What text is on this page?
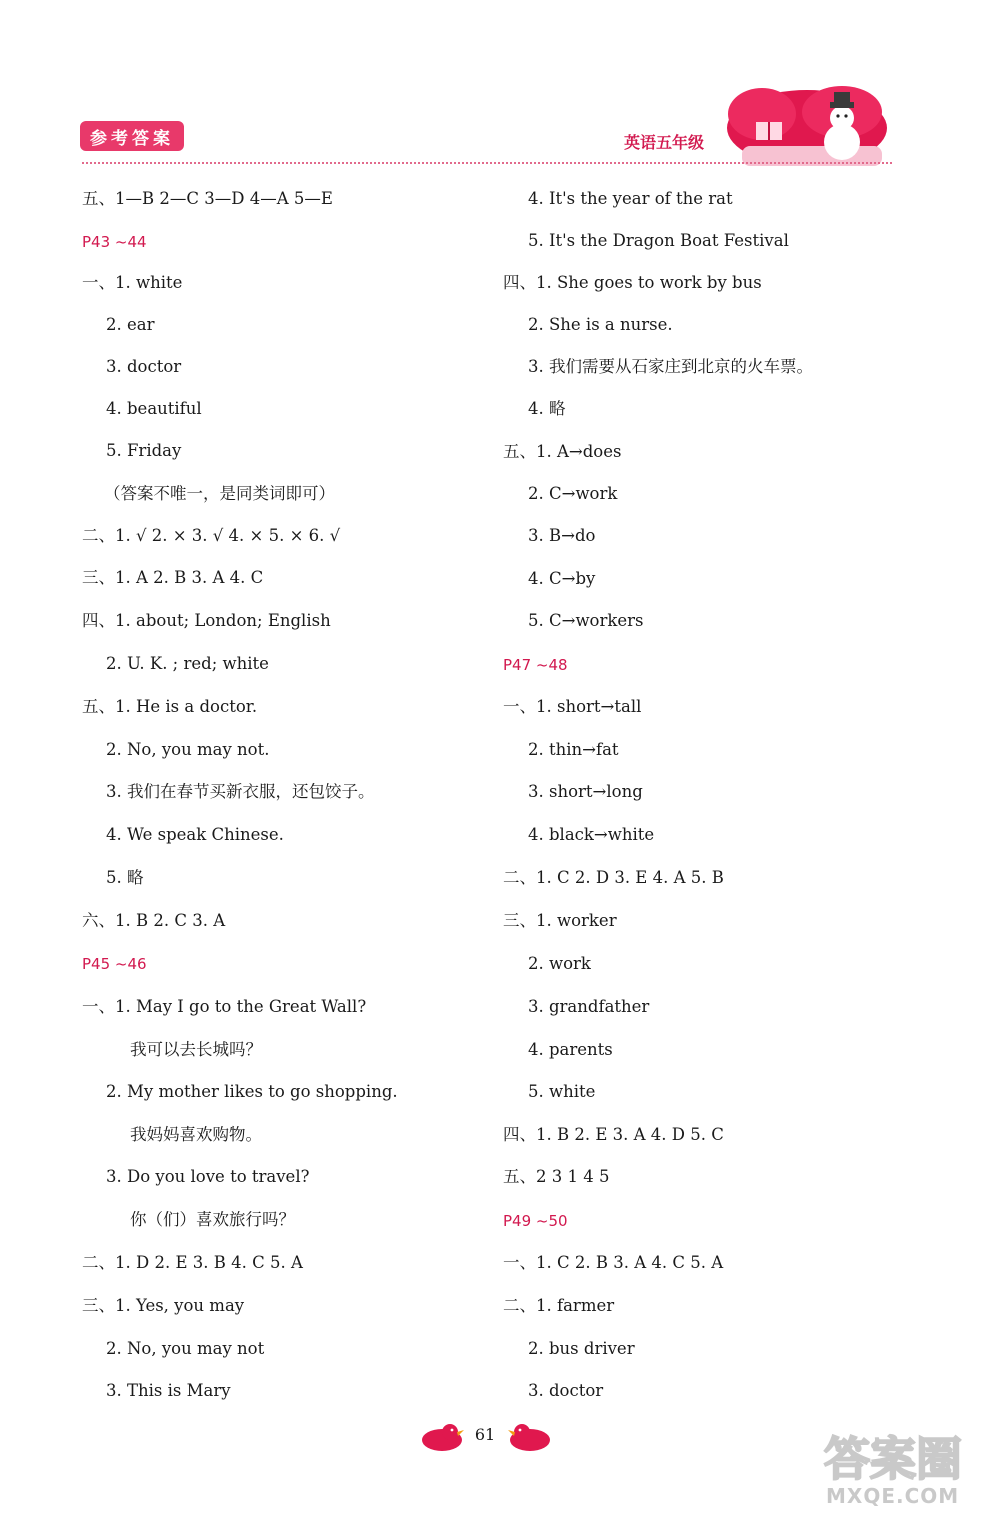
参考答案	英语五年级
五、1—B 2—C 3—D 4—A 5—E
P43 ~44
一、1. white
2. ear
3. doctor
4. beautiful
5. Friday
（答案不唯一，是同类词即可）
二、1. √ 2. × 3. √ 4. × 5. × 6. √
三、1. A 2. B 3. A 4. C
四、1. about; London; English
2. U. K. ; red; white
五、1. He is a doctor.
2. No, you may not.
3. 我们在春节买新衣服，还包饺子。
4. We speak Chinese.
5. 略
六、1. B 2. C 3. A
P45 ~46
一、1. May I go to the Great Wall?
我可以去长城吗？
2. My mother likes to go shopping.
我妈妈喜欢购物。
3. Do you love to travel?
你（们）喜欢旅行吗？
二、1. D 2. E 3. B 4. C 5. A
三、1. Yes, you may
2. No, you may not
3. This is Mary
4. It's the year of the rat
5. It's the Dragon Boat Festival
四、1. She goes to work by bus
2. She is a nurse.
3. 我们需要从石家庄到北京的火车票。
4. 略
五、1. A→does
2. C→work
3. B→do
4. C→by
5. C→workers
P47 ~48
一、1. short→tall
2. thin→fat
3. short→long
4. black→white
二、1. C 2. D 3. E 4. A 5. B
三、1. worker
2. work
3. grandfather
4. parents
5. white
四、1. B 2. E 3. A 4. D 5. C
五、2 3 1 4 5
P49 ~50
一、1. C 2. B 3. A 4. C 5. A
二、1. farmer
2. bus driver
3. doctor
61	答案圈
MXQE.COM
